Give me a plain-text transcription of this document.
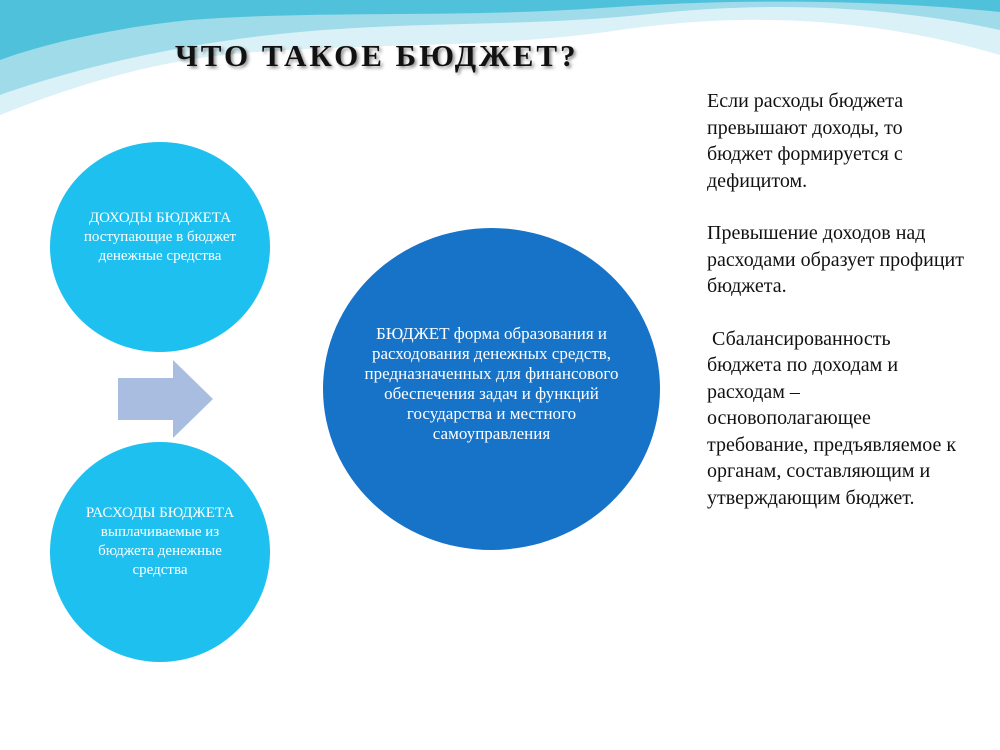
ЧТО ТАКОЕ БЮДЖЕТ?
ДОХОДЫ БЮДЖЕТА
поступающие в бюджет денежные средства
РАСХОДЫ БЮДЖЕТА
выплачиваемые из бюджета денежные средства
БЮДЖЕТ форма образования и расходования денежных средств, предназначенных для финансового обеспечения задач и функций государства и местного самоуправления

Если расходы бюджета превышают доходы, то бюджет формируется с дефицитом.

Превышение доходов над расходами образует профицит бюджета.

Сбалансированность бюджета по доходам и расходам – основополагающее требование, предъявляемое к органам, составляющим и утверждающим бюджет.
